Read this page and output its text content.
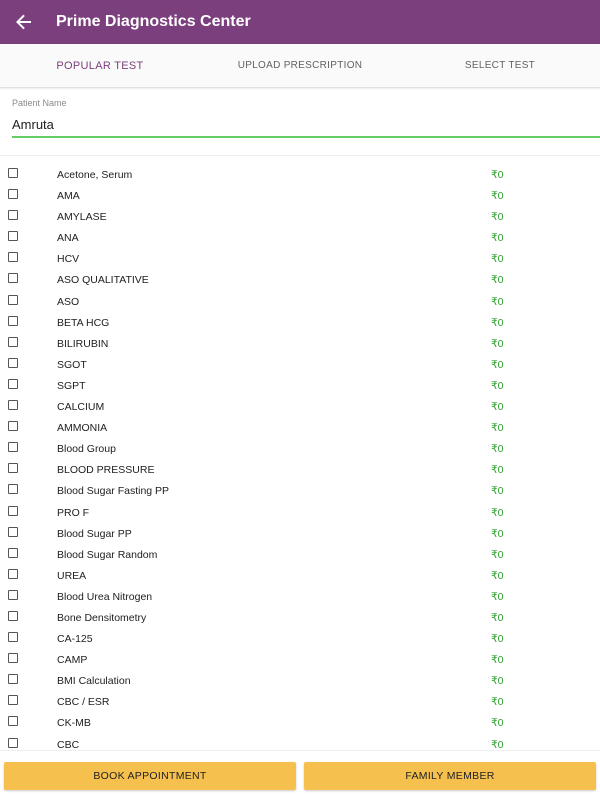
Prime Diagnostics Center
POPULAR TEST	UPLOAD PRESCRIPTION	SELECT TEST
Patient Name
Amruta
Acetone, Serum	₹0
AMA	₹0
AMYLASE	₹0
ANA	₹0
HCV	₹0
ASO QUALITATIVE	₹0
ASO	₹0
BETA HCG	₹0
BILIRUBIN	₹0
SGOT	₹0
SGPT	₹0
CALCIUM	₹0
AMMONIA	₹0
Blood Group	₹0
BLOOD PRESSURE	₹0
Blood Sugar Fasting PP	₹0
PRO F	₹0
Blood Sugar PP	₹0
Blood Sugar Random	₹0
UREA	₹0
Blood Urea Nitrogen	₹0
Bone Densitometry	₹0
CA-125	₹0
CAMP	₹0
BMI Calculation	₹0
CBC / ESR	₹0
CK-MB	₹0
CBC	₹0
BOOK APPOINTMENT	FAMILY MEMBER
